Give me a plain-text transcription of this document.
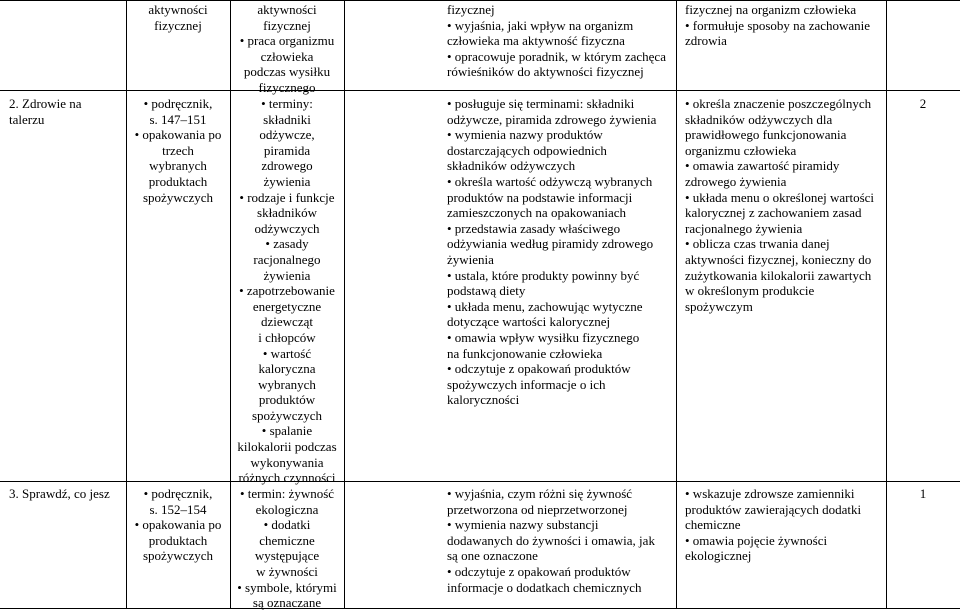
aktywności
fizycznej
aktywności
fizycznej
• praca organizmu
człowieka
podczas wysiłku
fizycznego
fizycznej
• wyjaśnia, jaki wpływ na organizm
człowieka ma aktywność fizyczna
• opracowuje poradnik, w którym zachęca
rówieśników do aktywności fizycznej
fizycznej na organizm człowieka
• formułuje sposoby na zachowanie
zdrowia
2. Zdrowie na
talerzu
• podręcznik,
s. 147–151
• opakowania po
trzech
wybranych
produktach
spożywczych
• terminy:
składniki
odżywcze,
piramida
zdrowego
żywienia
• rodzaje i funkcje
składników
odżywczych
• zasady
racjonalnego
żywienia
• zapotrzebowanie
energetyczne
dziewcząt
i chłopców
• wartość
kaloryczna
wybranych
produktów
spożywczych
• spalanie
kilokalorii podczas
wykonywania
różnych czynności
• posługuje się terminami: składniki
odżywcze, piramida zdrowego żywienia
• wymienia nazwy produktów
dostarczających odpowiednich
składników odżywczych
• określa wartość odżywczą wybranych
produktów na podstawie informacji
zamieszczonych na opakowaniach
• przedstawia zasady właściwego
odżywiania według piramidy zdrowego
żywienia
• ustala, które produkty powinny być
podstawą diety
• układa menu, zachowując wytyczne
dotyczące wartości kalorycznej
• omawia wpływ wysiłku fizycznego
na funkcjonowanie człowieka
• odczytuje z opakowań produktów
spożywczych informacje o ich
kaloryczności
• określa znaczenie poszczególnych
składników odżywczych dla
prawidłowego funkcjonowania
organizmu człowieka
• omawia zawartość piramidy
zdrowego żywienia
• układa menu o określonej wartości
kalorycznej z zachowaniem zasad
racjonalnego żywienia
• oblicza czas trwania danej
aktywności fizycznej, konieczny do
zużytkowania kilokalorii zawartych
w określonym produkcie
spożywczym
2
3. Sprawdź, co jesz	• podręcznik,
s. 152–154
• opakowania po
produktach
spożywczych
• termin: żywność
ekologiczna
• dodatki
chemiczne
występujące
w żywności
• symbole, którymi
są oznaczane
• wyjaśnia, czym różni się żywność
przetworzona od nieprzetworzonej
• wymienia nazwy substancji
dodawanych do żywności i omawia, jak
są one oznaczone
• odczytuje z opakowań produktów
informacje o dodatkach chemicznych
• wskazuje zdrowsze zamienniki
produktów zawierających dodatki
chemiczne
• omawia pojęcie żywności
ekologicznej
1
